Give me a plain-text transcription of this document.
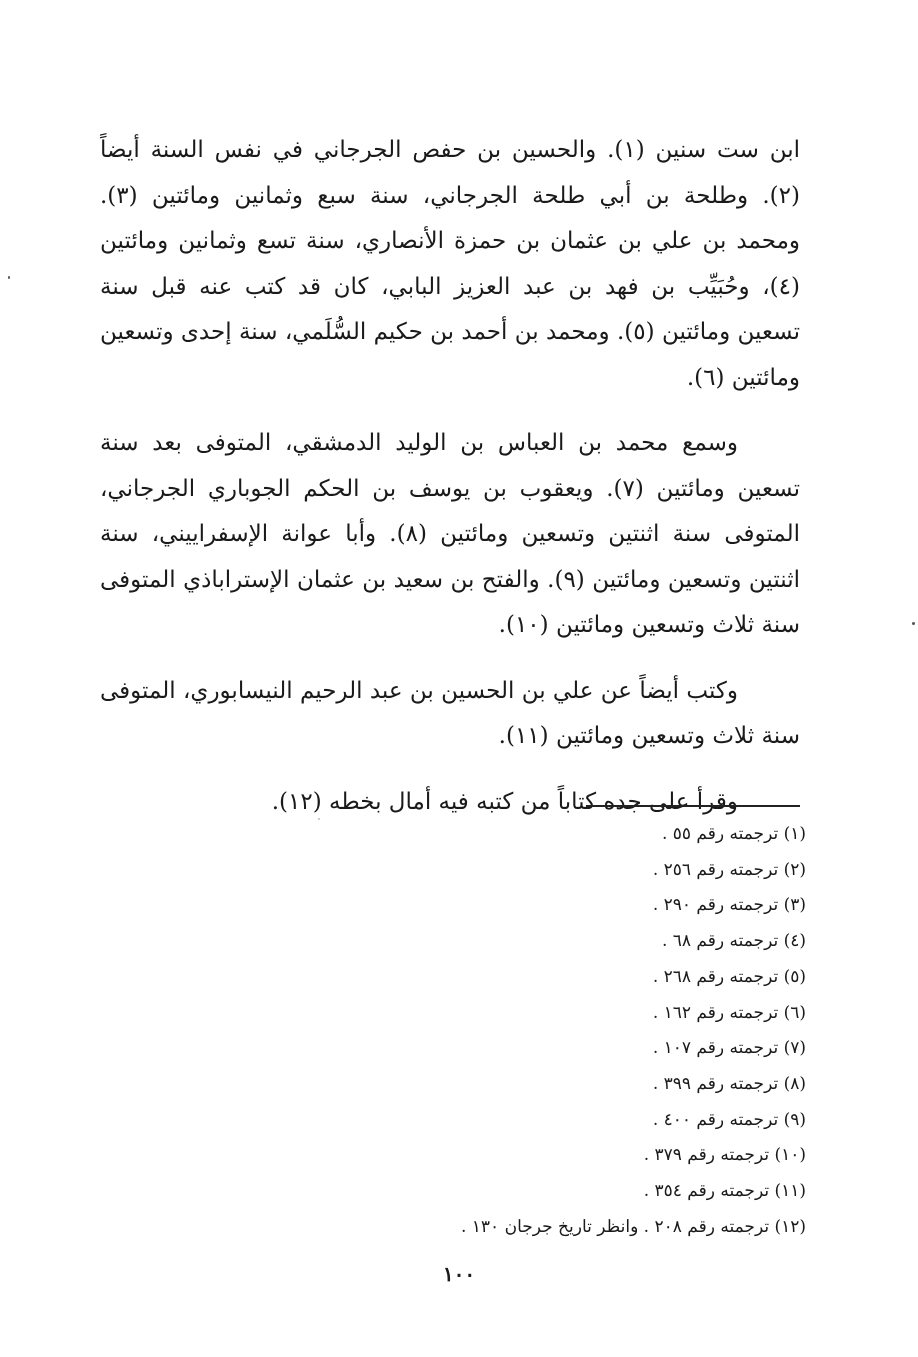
ابن ست سنين (١). والحسين بن حفص الجرجاني في نفس السنة أيضاً (٢). وطلحة بن أبي طلحة الجرجاني، سنة سبع وثمانين ومائتين (٣). ومحمد بن علي بن عثمان بن حمزة الأنصاري، سنة تسع وثمانين ومائتين (٤)، وحُبَيِّب بن فهد بن عبد العزيز البابي، كان قد كتب عنه قبل سنة تسعين ومائتين (٥). ومحمد بن أحمد بن حكيم السُّلَمي، سنة إحدى وتسعين ومائتين (٦).

وسمع محمد بن العباس بن الوليد الدمشقي، المتوفى بعد سنة تسعين ومائتين (٧). ويعقوب بن يوسف بن الحكم الجوباري الجرجاني، المتوفى سنة اثنتين وتسعين ومائتين (٨). وأبا عوانة الإسفراييني، سنة اثنتين وتسعين ومائتين (٩). والفتح بن سعيد بن عثمان الإستراباذي المتوفى سنة ثلاث وتسعين ومائتين (١٠).

وكتب أيضاً عن علي بن الحسين بن عبد الرحيم النيسابوري، المتوفى سنة ثلاث وتسعين ومائتين (١١).

وقرأ على جده كتاباً من كتبه فيه أمال بخطه (١٢).

(١) ترجمته رقم ٥٥ .
(٢) ترجمته رقم ٢٥٦ .
(٣) ترجمته رقم ٢٩٠ .
(٤) ترجمته رقم ٦٨ .
(٥) ترجمته رقم ٢٦٨ .
(٦) ترجمته رقم ١٦٢ .
(٧) ترجمته رقم ١٠٧ .
(٨) ترجمته رقم ٣٩٩ .
(٩) ترجمته رقم ٤٠٠ .
(١٠) ترجمته رقم ٣٧٩ .
(١١) ترجمته رقم ٣٥٤ .
(١٢) ترجمته رقم ٢٠٨ . وانظر تاريخ جرجان ١٣٠ .
١٠٠
